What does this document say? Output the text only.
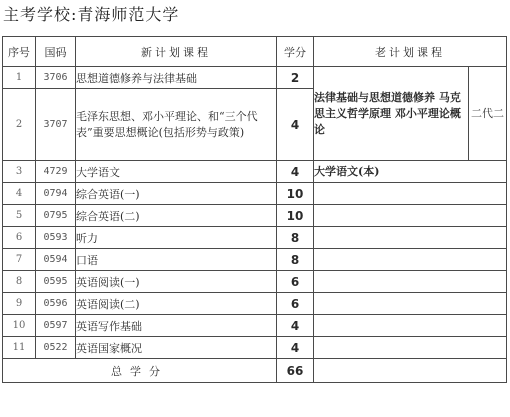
主考学校:青海师范大学
序号	国码	新计划课程	学分	老计划课程	
1	3706	思想道德修养与法律基础	2	法律基础与思想道德修养 马克思主义哲学原理 邓小平理论概论	二代二
2	3707	毛泽东思想、邓小平理论、和“三个代表”重要思想概论(包括形势与政策)	4		
3	4729	大学语文	4	大学语文(本)	
4	0794	综合英语(一)	10		
5	0795	综合英语(二)	10		
6	0593	听力	8		
7	0594	口语	8		
8	0595	英语阅读(一)	6		
9	0596	英语阅读(二)	6		
10	0597	英语写作基础	4		
11	0522	英语国家概况	4		
总学分			66		
